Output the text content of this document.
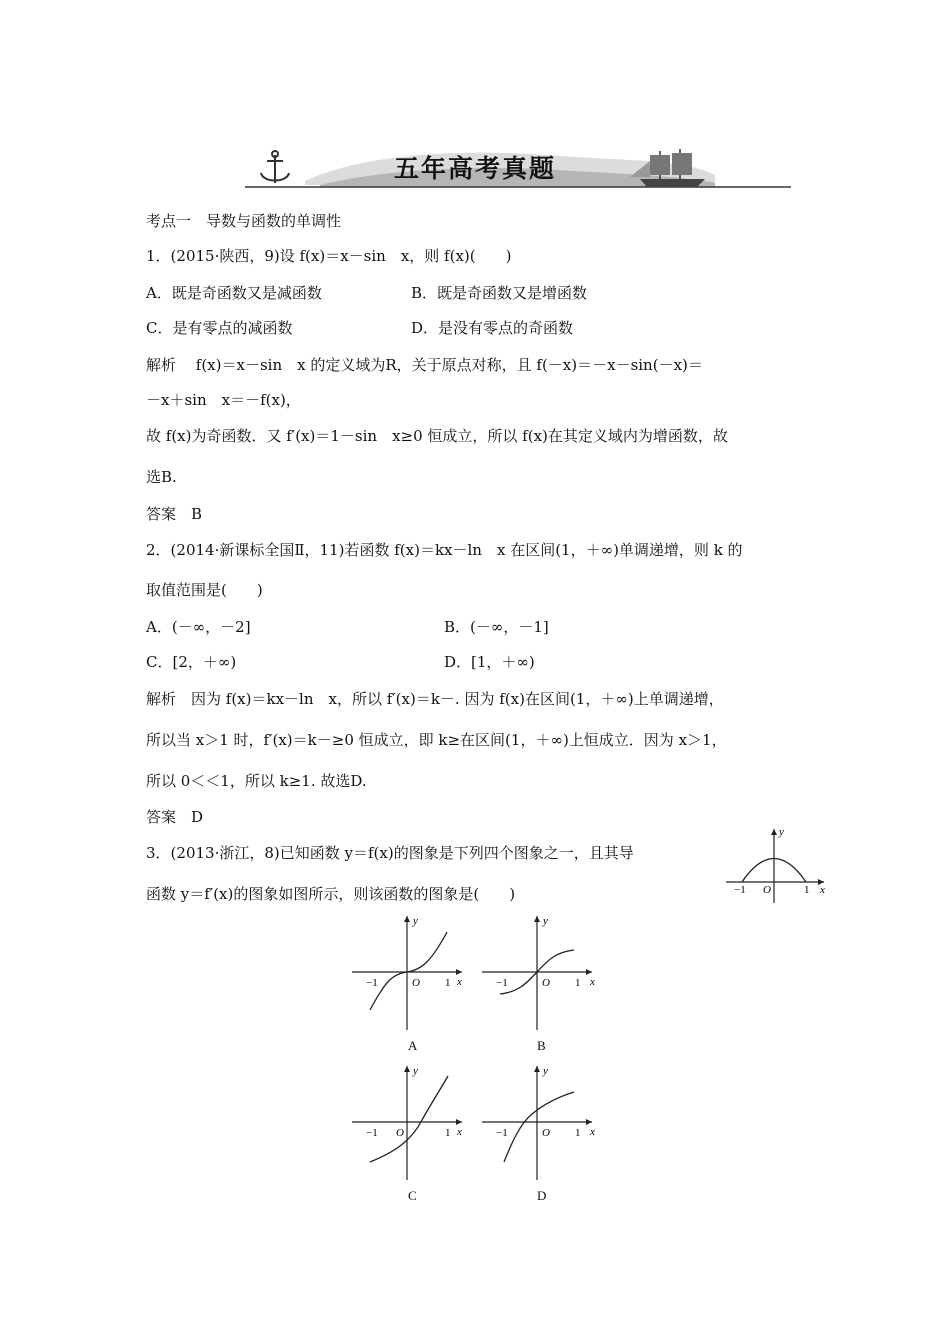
五年高考真题
考点一　导数与函数的单调性
1．(2015·陕西，9)设 f(x)＝x－sin　x，则 f(x)(　　)
A．既是奇函数又是减函数	B．既是奇函数又是增函数
C．是有零点的减函数	D．是没有零点的奇函数
解析　 f(x)＝x－sin　x 的定义域为R，关于原点对称，且 f(－x)＝－x－sin(－x)＝
－x＋sin　x＝－f(x)，
故 f(x)为奇函数．又 f′(x)＝1－sin　x≥0 恒成立，所以 f(x)在其定义域内为增函数，故
选B.
答案　B
2．(2014·新课标全国Ⅱ，11)若函数 f(x)＝kx－ln　x 在区间(1，＋∞)单调递增，则 k 的
取值范围是(　　)
A．(－∞，－2]	B．(－∞，－1]
C．[2，＋∞)	D．[1，＋∞)
解析　因为 f(x)＝kx－ln　x，所以 f′(x)＝k－. 因为 f(x)在区间(1，＋∞)上单调递增，
所以当 x＞1 时，f′(x)＝k－≥0 恒成立，即 k≥在区间(1，＋∞)上恒成立．因为 x＞1，
所以 0＜＜1，所以 k≥1. 故选D.
答案　D
3．(2013·浙江，8)已知函数 y＝f(x)的图象是下列四个图象之一，且其导
函数 y＝f′(x)的图象如图所示，则该函数的图象是(　　)
y
x
O
−1	1
y
x
O
−1	1
A
y
x
O
−1	1
B
y
x
O
−1	1
C
y
x
O
−1	1
D
